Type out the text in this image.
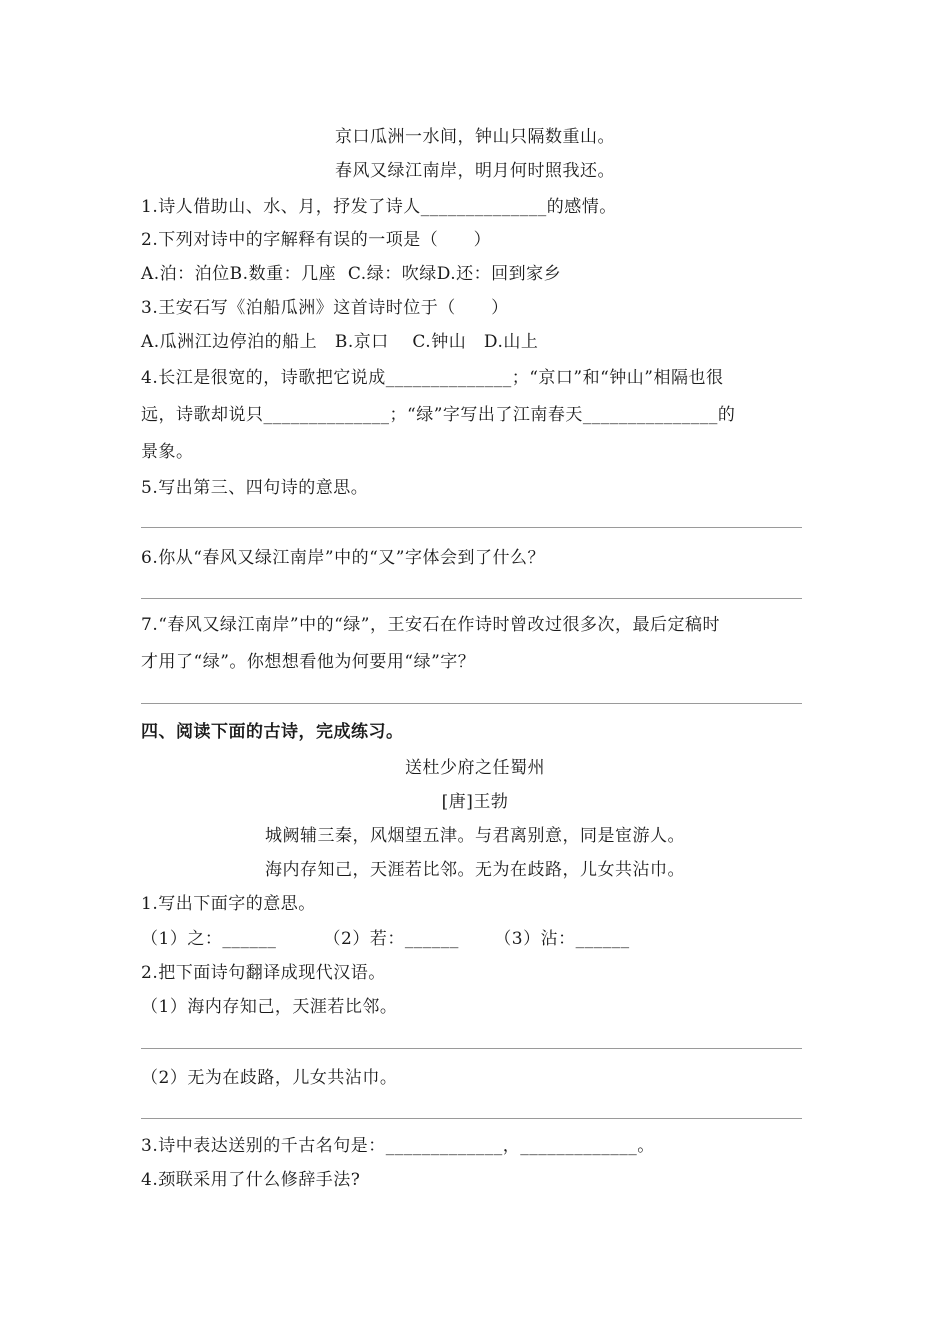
京口瓜洲一水间，钟山只隔数重山。
春风又绿江南岸，明月何时照我还。
1.诗人借助山、水、月，抒发了诗人______________的感情。
2.下列对诗中的字解释有误的一项是（      ）
A.泊：泊位B.数重：几座  C.绿：吹绿D.还：回到家乡
3.王安石写《泊船瓜洲》这首诗时位于（      ）
A.瓜洲江边停泊的船上   B.京口    C.钟山   D.山上
4.长江是很宽的，诗歌把它说成______________；“京口”和“钟山”相隔也很
远，诗歌却说只______________；“绿”字写出了江南春天_______________的
景象。
5.写出第三、四句诗的意思。
6.你从“春风又绿江南岸”中的“又”字体会到了什么？
7.“春风又绿江南岸”中的“绿”，王安石在作诗时曾改过很多次，最后定稿时
才用了“绿”。你想想看他为何要用“绿”字？
四、阅读下面的古诗，完成练习。
送杜少府之任蜀州
[唐]王勃
城阙辅三秦，风烟望五津。与君离别意，同是宦游人。
海内存知己，天涯若比邻。无为在歧路，儿女共沾巾。
1.写出下面字的意思。
（1）之：______        （2）若：______      （3）沾：______
2.把下面诗句翻译成现代汉语。
（1）海内存知己，天涯若比邻。
（2）无为在歧路，儿女共沾巾。
3.诗中表达送别的千古名句是：_____________，_____________。
4.颈联采用了什么修辞手法?
